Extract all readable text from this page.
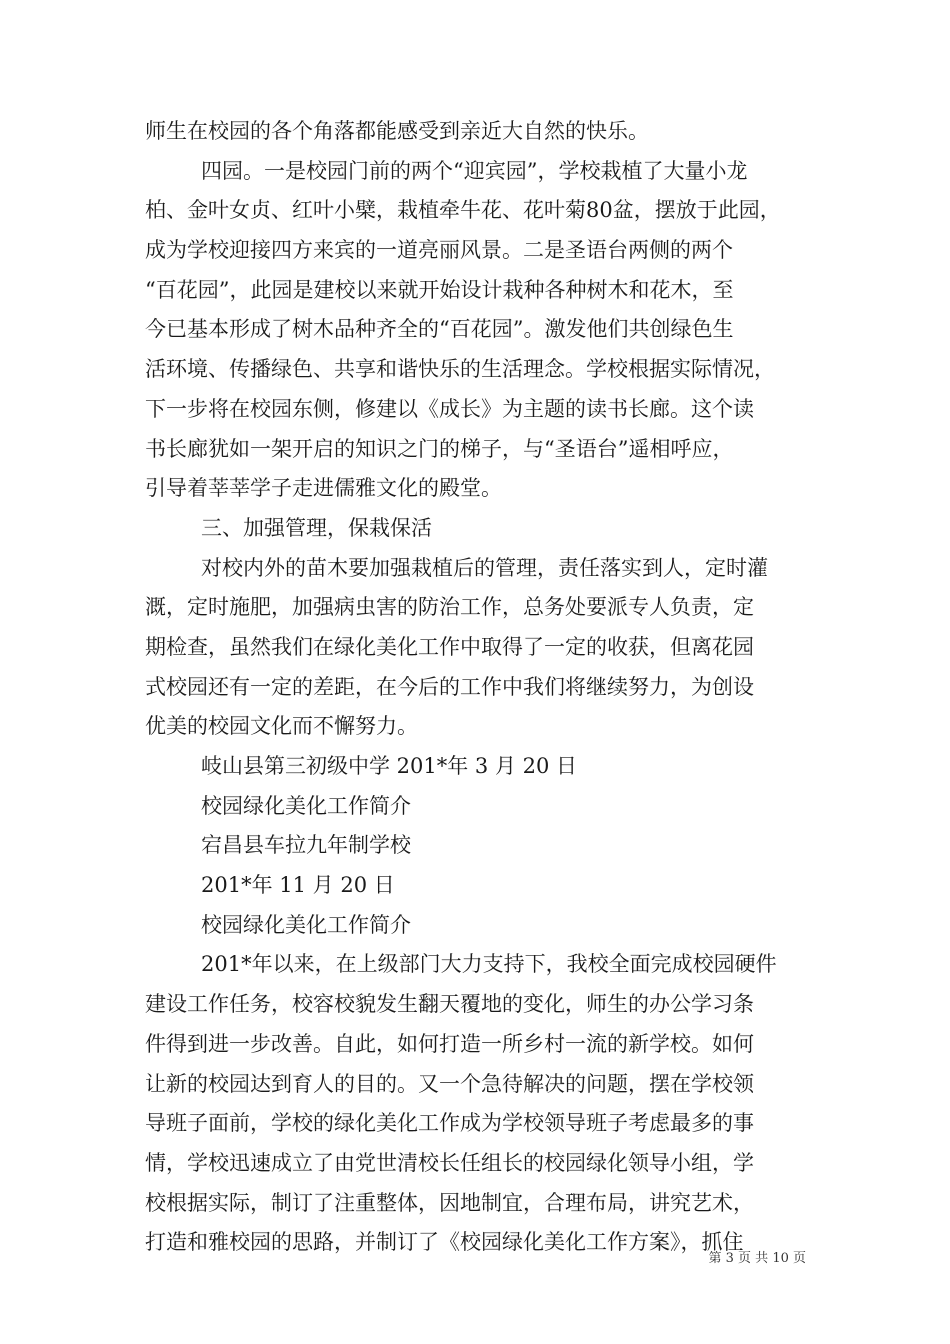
师生在校园的各个角落都能感受到亲近大自然的快乐。
四园。一是校园门前的两个“迎宾园”，学校栽植了大量小龙
柏、金叶女贞、红叶小檗，栽植牵牛花、花叶菊80盆，摆放于此园，
成为学校迎接四方来宾的一道亮丽风景。二是圣语台两侧的两个
“百花园”，此园是建校以来就开始设计栽种各种树木和花木，至
今已基本形成了树木品种齐全的“百花园”。激发他们共创绿色生
活环境、传播绿色、共享和谐快乐的生活理念。学校根据实际情况，
下一步将在校园东侧，修建以《成长》为主题的读书长廊。这个读
书长廊犹如一架开启的知识之门的梯子，与“圣语台”遥相呼应，
引导着莘莘学子走进儒雅文化的殿堂。
三、加强管理，保栽保活
对校内外的苗木要加强栽植后的管理，责任落实到人，定时灌
溉，定时施肥，加强病虫害的防治工作，总务处要派专人负责，定
期检查，虽然我们在绿化美化工作中取得了一定的收获，但离花园
式校园还有一定的差距，在今后的工作中我们将继续努力，为创设
优美的校园文化而不懈努力。
岐山县第三初级中学 201*年 3 月 20 日
校园绿化美化工作简介
宕昌县车拉九年制学校
201*年 11 月 20 日
校园绿化美化工作简介
201*年以来，在上级部门大力支持下，我校全面完成校园硬件
建设工作任务，校容校貌发生翻天覆地的变化，师生的办公学习条
件得到进一步改善。自此，如何打造一所乡村一流的新学校。如何
让新的校园达到育人的目的。又一个急待解决的问题，摆在学校领
导班子面前，学校的绿化美化工作成为学校领导班子考虑最多的事
情，学校迅速成立了由党世清校长任组长的校园绿化领导小组，学
校根据实际，制订了注重整体，因地制宜，合理布局，讲究艺术，
打造和雅校园的思路，并制订了《校园绿化美化工作方案》，抓住
第 3 页 共 10 页
